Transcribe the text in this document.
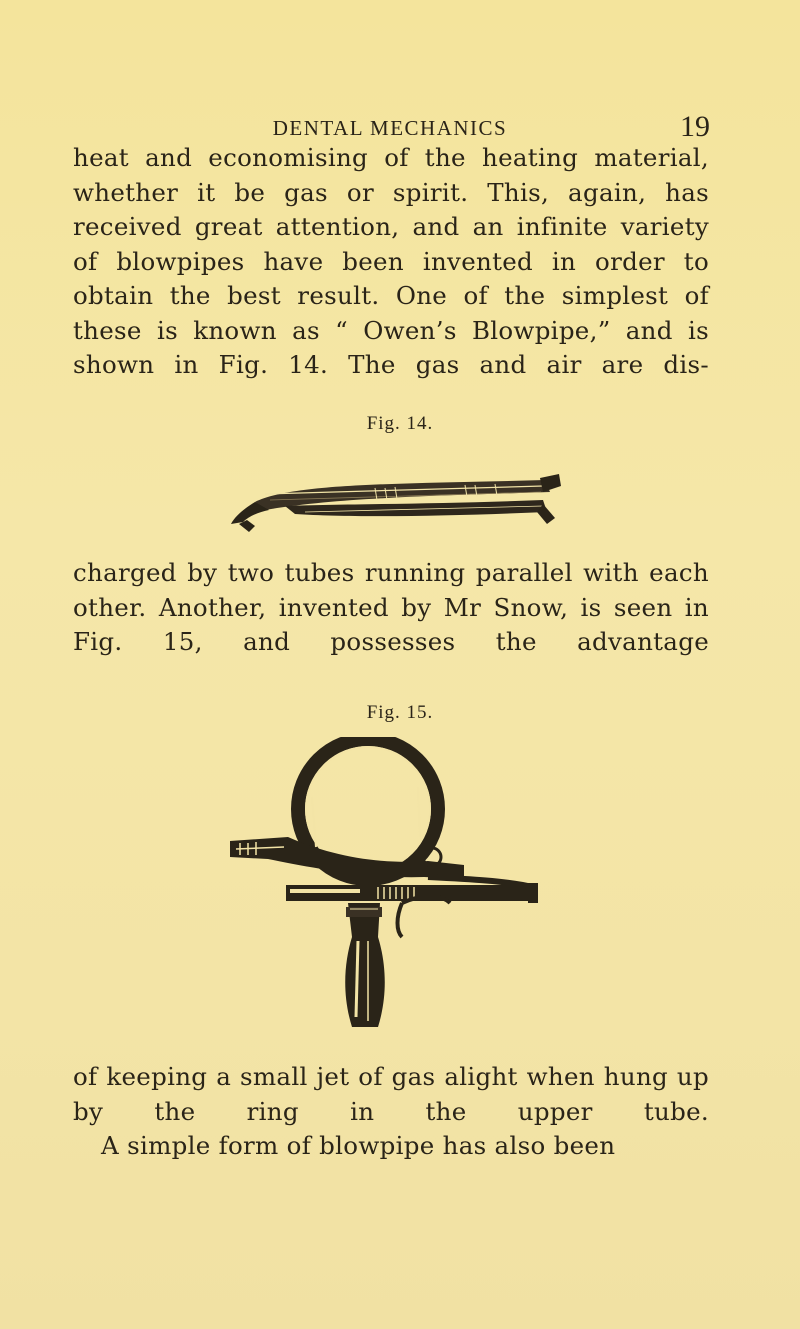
DENTAL MECHANICS	19

heat and economising of the heating material, whether it be gas or spirit. This, again, has received great attention, and an infinite variety of blowpipes have been invented in order to obtain the best result. One of the simplest of these is known as “ Owen’s Blowpipe,” and is shown in Fig. 14. The gas and air are dis-

Fig. 14.

charged by two tubes running parallel with each other. Another, invented by Mr Snow, is seen in Fig. 15, and possesses the advantage

Fig. 15.

of keeping a small jet of gas alight when hung up by the ring in the upper tube.

A simple form of blowpipe has also been
